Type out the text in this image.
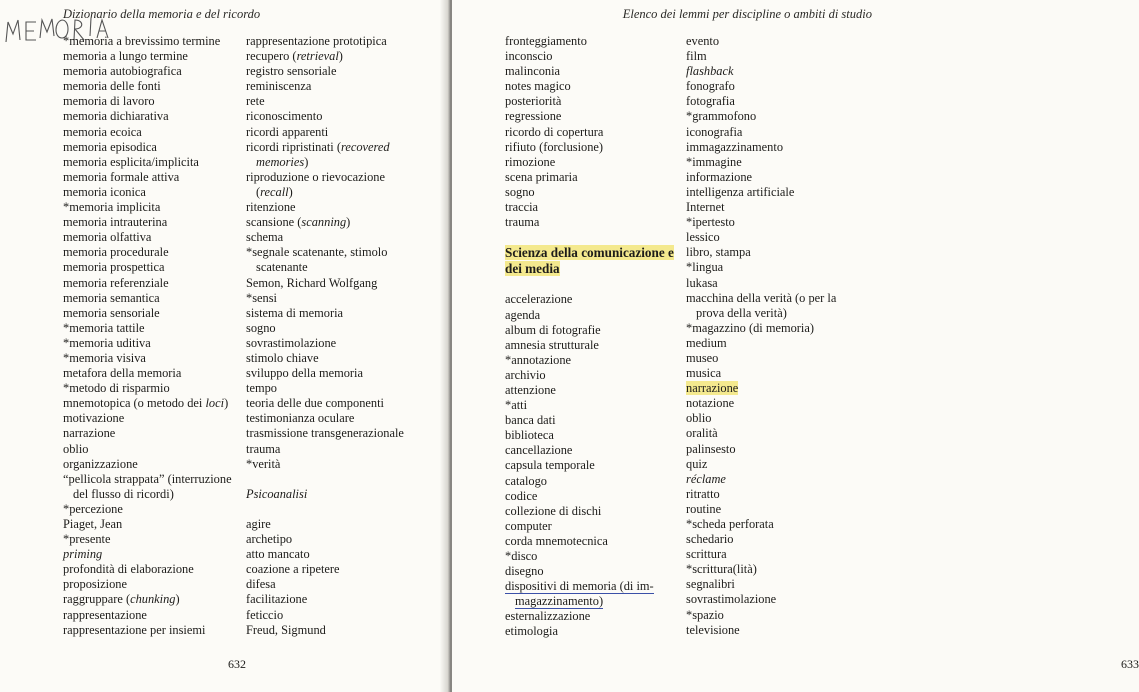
Dizionario della memoria e del ricordo
*memoria a brevissimo termine
memoria a lungo termine
memoria autobiografica
memoria delle fonti
memoria di lavoro
memoria dichiarativa
memoria ecoica
memoria episodica
memoria esplicita/implicita
memoria formale attiva
memoria iconica
*memoria implicita
memoria intrauterina
memoria olfattiva
memoria procedurale
memoria prospettica
memoria referenziale
memoria semantica
memoria sensoriale
*memoria tattile
*memoria uditiva
*memoria visiva
metafora della memoria
*metodo di risparmio
mnemotopica (o metodo dei loci)
motivazione
narrazione
oblio
organizzazione
“pellicola strappata” (interruzione
del flusso di ricordi)
*percezione
Piaget, Jean
*presente
priming
profondità di elaborazione
proposizione
raggruppare (chunking)
rappresentazione
rappresentazione per insiemi
rappresentazione prototipica
recupero (retrieval)
registro sensoriale
reminiscenza
rete
riconoscimento
ricordi apparenti
ricordi ripristinati (recovered
memories)
riproduzione o rievocazione
(recall)
ritenzione
scansione (scanning)
schema
*segnale scatenante, stimolo
scatenante
Semon, Richard Wolfgang
*sensi
sistema di memoria
sogno
sovrastimolazione
stimolo chiave
sviluppo della memoria
tempo
teoria delle due componenti
testimonianza oculare
trasmissione transgenerazionale
trauma
*verità
Psicoanalisi
agire
archetipo
atto mancato
coazione a ripetere
difesa
facilitazione
feticcio
Freud, Sigmund
632
Elenco dei lemmi per discipline o ambiti di studio
633
fronteggiamento
inconscio
malinconia
notes magico
posteriorità
regressione
ricordo di copertura
rifiuto (forclusione)
rimozione
scena primaria
sogno
traccia
trauma
Scienza della comunicazione e dei media
accelerazione
agenda
album di fotografie
amnesia strutturale
*annotazione
archivio
attenzione
*atti
banca dati
biblioteca
cancellazione
capsula temporale
catalogo
codice
collezione di dischi
computer
corda mnemotecnica
*disco
disegno
dispositivi di memoria (di im-
magazzinamento)
esternalizzazione
etimologia
evento
film
flashback
fonografo
fotografia
*grammofono
iconografia
immagazzinamento
*immagine
informazione
intelligenza artificiale
Internet
*ipertesto
lessico
libro, stampa
*lingua
lukasa
macchina della verità (o per la
prova della verità)
*magazzino (di memoria)
medium
museo
musica
narrazione
notazione
oblio
oralità
palinsesto
quiz
réclame
ritratto
routine
*scheda perforata
schedario
scrittura
*scrittura(lità)
segnalibri
sovrastimolazione
*spazio
televisione
